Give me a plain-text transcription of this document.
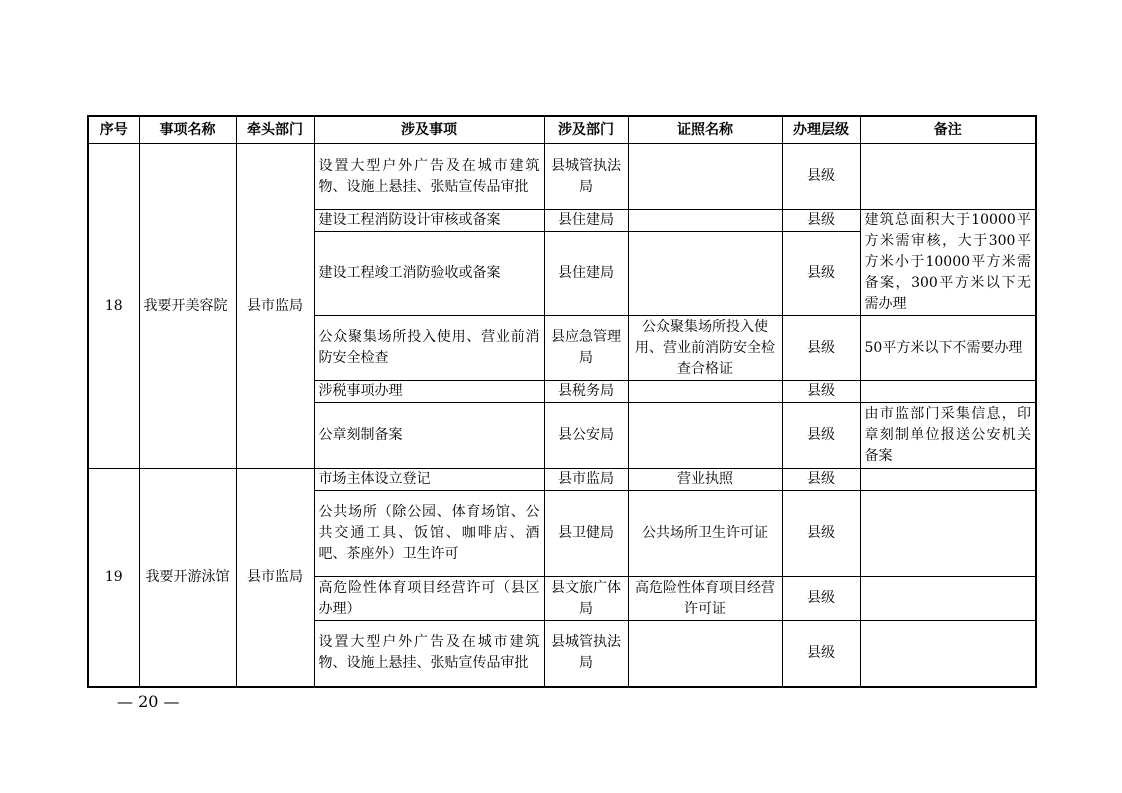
序号	事项名称	牵头部门	涉及事项	涉及部门	证照名称	办理层级	备注
18	我要开美容院	县市监局	设置大型户外广告及在城市建筑物、设施上悬挂、张贴宣传品审批	县城管执法局		县级	
			建设工程消防设计审核或备案	县住建局		县级	建筑总面积大于10000平方米需审核，大于300平方米小于10000平方米需备案，300平方米以下无需办理
			建设工程竣工消防验收或备案	县住建局		县级	
			公众聚集场所投入使用、营业前消防安全检查	县应急管理局	公众聚集场所投入使用、营业前消防安全检查合格证	县级	50平方米以下不需要办理
			涉税事项办理	县税务局		县级	
			公章刻制备案	县公安局		县级	由市监部门采集信息，印章刻制单位报送公安机关备案
19	我要开游泳馆	县市监局	市场主体设立登记	县市监局	营业执照	县级	
			公共场所（除公园、体育场馆、公共交通工具、饭馆、咖啡店、酒吧、茶座外）卫生许可	县卫健局	公共场所卫生许可证	县级	
			高危险性体育项目经营许可（县区办理）	县文旅广体局	高危险性体育项目经营许可证	县级	
			设置大型户外广告及在城市建筑物、设施上悬挂、张贴宣传品审批	县城管执法局		县级	
— 20 —
